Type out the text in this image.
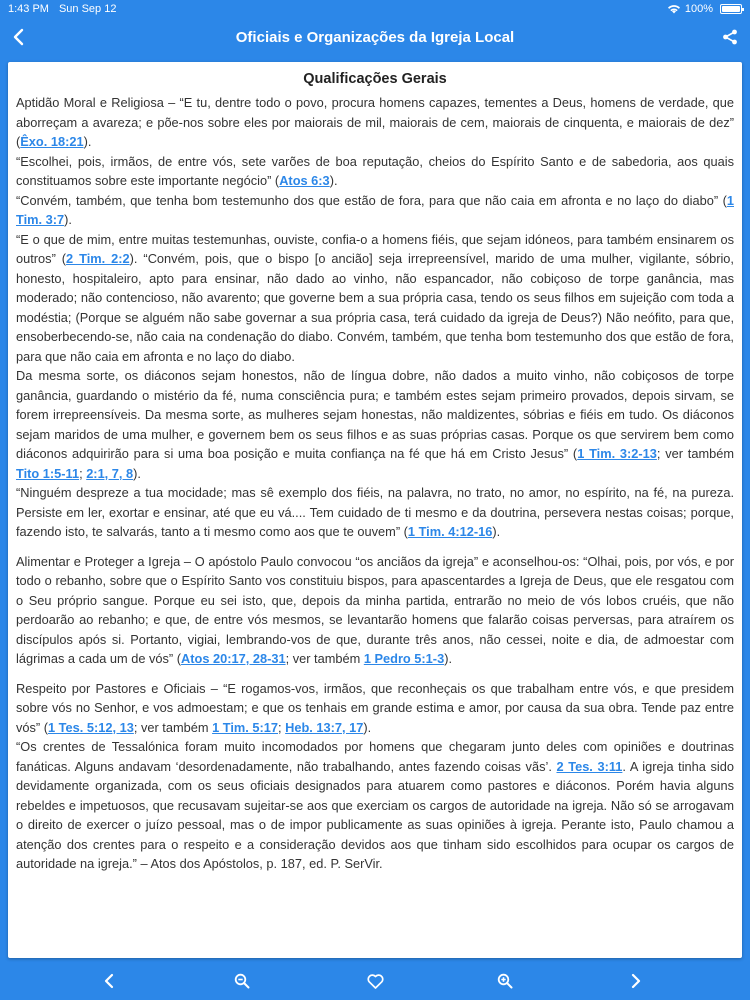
1:43 PM Sun Sep 12	100%
Oficiais e Organizações da Igreja Local
Qualificações Gerais

Aptidão Moral e Religiosa – “E tu, dentre todo o povo, procura homens capazes, tementes a Deus, homens de verdade, que aborreçam a avareza; e põe-nos sobre eles por maiorais de mil, maiorais de cem, maiorais de cinquenta, e maiorais de dez” (Êxo. 18:21).

“Escolhei, pois, irmãos, de entre vós, sete varões de boa reputação, cheios do Espírito Santo e de sabedoria, aos quais constituamos sobre este importante negócio” (Atos 6:3).

“Convém, também, que tenha bom testemunho dos que estão de fora, para que não caia em afronta e no laço do diabo” (1 Tim. 3:7).

“E o que de mim, entre muitas testemunhas, ouviste, confia-o a homens fiéis, que sejam idóneos, para também ensinarem os outros” (2 Tim. 2:2). “Convém, pois, que o bispo [o ancião] seja irrepreensível, marido de uma mulher, vigilante, sóbrio, honesto, hospitaleiro, apto para ensinar, não dado ao vinho, não espancador, não cobiçoso de torpe ganância, mas moderado; não contencioso, não avarento; que governe bem a sua própria casa, tendo os seus filhos em sujeição com toda a modéstia; (Porque se alguém não sabe governar a sua própria casa, terá cuidado da igreja de Deus?) Não neófito, para que, ensoberbecendo-se, não caia na condenação do diabo. Convém, também, que tenha bom testemunho dos que estão de fora, para que não caia em afronta e no laço do diabo.

Da mesma sorte, os diáconos sejam honestos, não de língua dobre, não dados a muito vinho, não cobiçosos de torpe ganância, guardando o mistério da fé, numa consciência pura; e também estes sejam primeiro provados, depois sirvam, se forem irrepreensíveis. Da mesma sorte, as mulheres sejam honestas, não maldizentes, sóbrias e fiéis em tudo. Os diáconos sejam maridos de uma mulher, e governem bem os seus filhos e as suas próprias casas. Porque os que servirem bem como diáconos adquirirão para si uma boa posição e muita confiança na fé que há em Cristo Jesus” (1 Tim. 3:2-13; ver também Tito 1:5-11; 2:1, 7, 8).

“Ninguém despreze a tua mocidade; mas sê exemplo dos fiéis, na palavra, no trato, no amor, no espírito, na fé, na pureza. Persiste em ler, exortar e ensinar, até que eu vá.... Tem cuidado de ti mesmo e da doutrina, persevera nestas coisas; porque, fazendo isto, te salvarás, tanto a ti mesmo como aos que te ouvem” (1 Tim. 4:12-16).

Alimentar e Proteger a Igreja – O apóstolo Paulo convocou “os anciãos da igreja” e aconselhou-os: “Olhai, pois, por vós, e por todo o rebanho, sobre que o Espírito Santo vos constituiu bispos, para apascentardes a Igreja de Deus, que ele resgatou com o Seu próprio sangue. Porque eu sei isto, que, depois da minha partida, entrarão no meio de vós lobos cruéis, que não perdoarão ao rebanho; e que, de entre vós mesmos, se levantarão homens que falarão coisas perversas, para atraírem os discípulos após si. Portanto, vigiai, lembrando-vos de que, durante três anos, não cessei, noite e dia, de admoestar com lágrimas a cada um de vós” (Atos 20:17, 28-31; ver também 1 Pedro 5:1-3).

Respeito por Pastores e Oficiais – “E rogamos-vos, irmãos, que reconheçais os que trabalham entre vós, e que presidem sobre vós no Senhor, e vos admoestam; e que os tenhais em grande estima e amor, por causa da sua obra. Tende paz entre vós” (1 Tes. 5:12, 13; ver também 1 Tim. 5:17; Heb. 13:7, 17).

“Os crentes de Tessalónica foram muito incomodados por homens que chegaram junto deles com opiniões e doutrinas fanáticas. Alguns andavam ‘desordenadamente, não trabalhando, antes fazendo coisas vãs’. 2 Tes. 3:11. A igreja tinha sido devidamente organizada, com os seus oficiais designados para atuarem como pastores e diáconos. Porém havia alguns rebeldes e impetuosos, que recusavam sujeitar-se aos que exerciam os cargos de autoridade na igreja. Não só se arrogavam o direito de exercer o juízo pessoal, mas o de impor publicamente as suas opiniões à igreja. Perante isto, Paulo chamou a atenção dos crentes para o respeito e a consideração devidos aos que tinham sido escolhidos para ocupar os cargos de autoridade na igreja.” – Atos dos Apóstolos, p. 187, ed. P. SerVir.
